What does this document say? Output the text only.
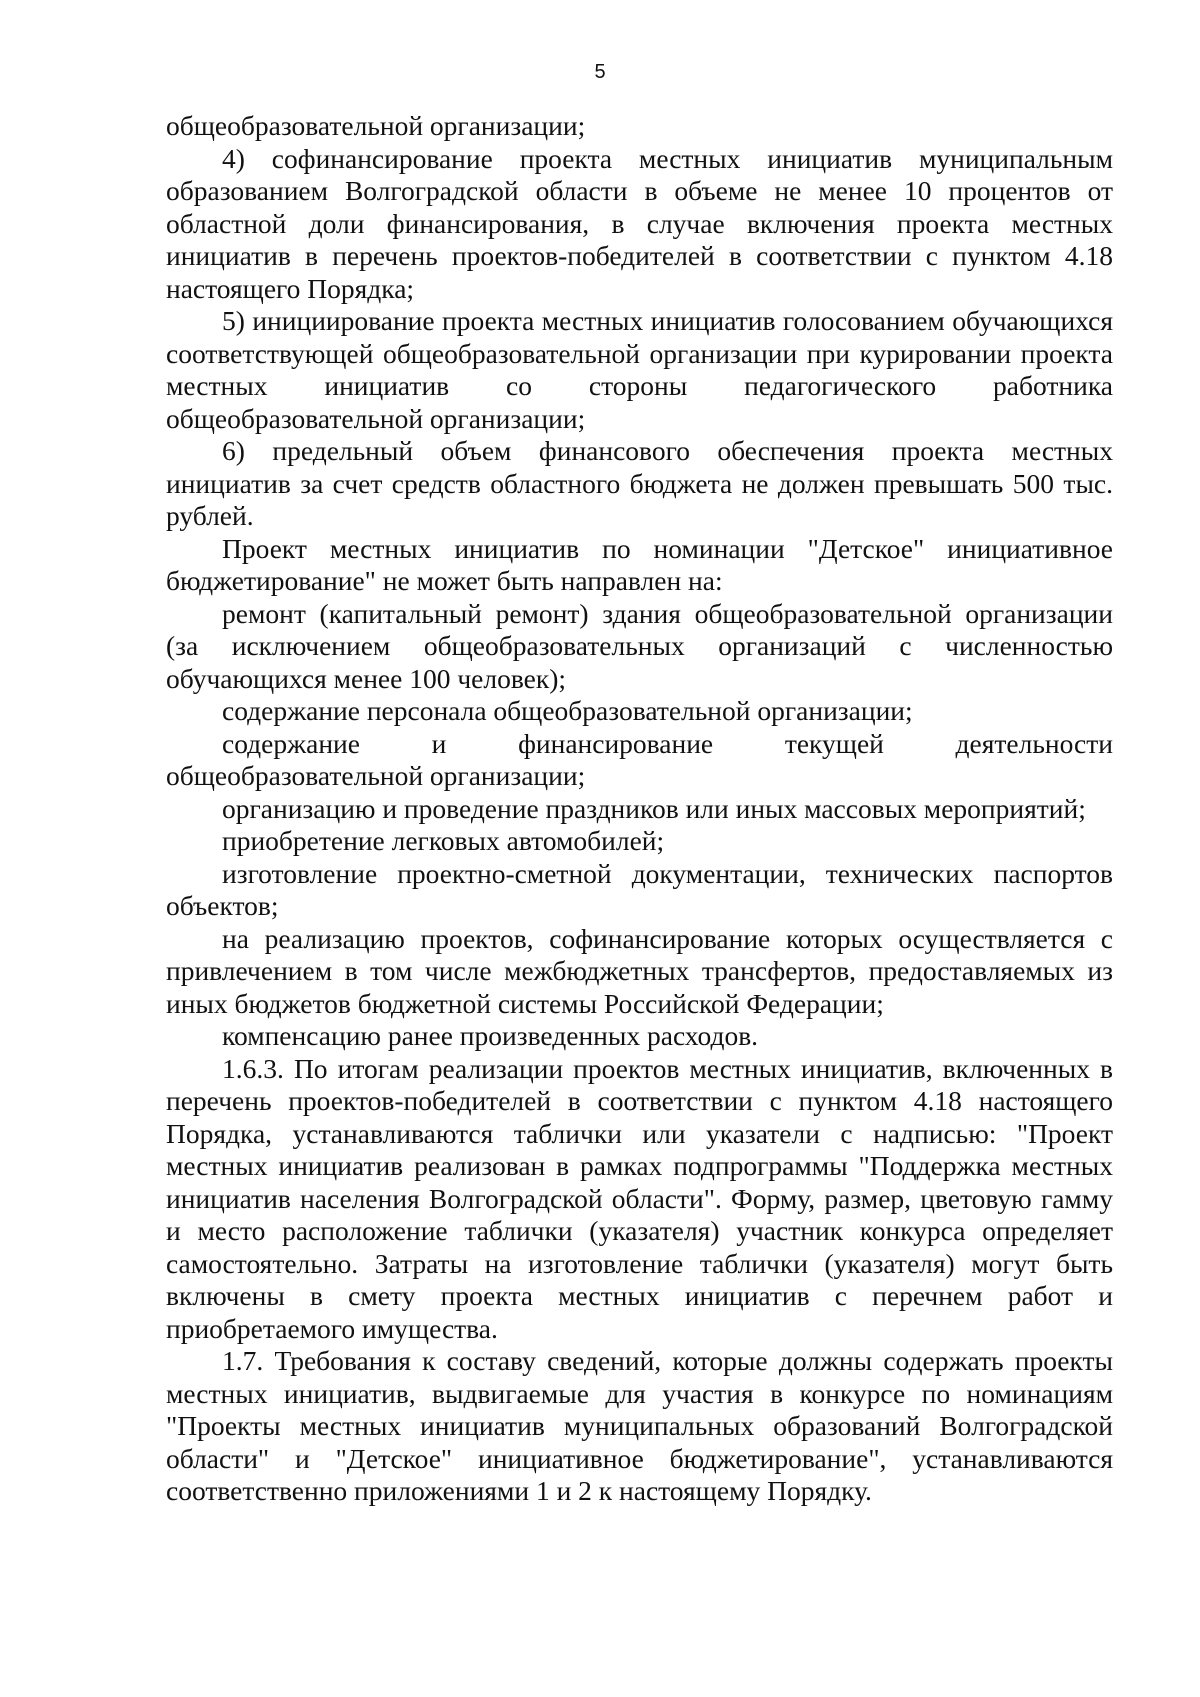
5

общеобразовательной организации;

4) софинансирование проекта местных инициатив муниципальным образованием Волгоградской области в объеме не менее 10 процентов от областной доли финансирования, в случае включения проекта местных инициатив в перечень проектов-победителей в соответствии с пунктом 4.18 настоящего Порядка;

5) инициирование проекта местных инициатив голосованием обучающихся соответствующей общеобразовательной организации при курировании проекта местных инициатив со стороны педагогического работника общеобразовательной организации;

6) предельный объем финансового обеспечения проекта местных инициатив за счет средств областного бюджета не должен превышать 500 тыс. рублей.

Проект местных инициатив по номинации "Детское" инициативное бюджетирование" не может быть направлен на:

ремонт (капитальный ремонт) здания общеобразовательной организации (за исключением общеобразовательных организаций с численностью обучающихся менее 100 человек);

содержание персонала общеобразовательной организации;

содержание и финансирование текущей деятельности общеобразовательной организации;

организацию и проведение праздников или иных массовых мероприятий;

приобретение легковых автомобилей;

изготовление проектно-сметной документации, технических паспортов объектов;

на реализацию проектов, софинансирование которых осуществляется с привлечением в том числе межбюджетных трансфертов, предоставляемых из иных бюджетов бюджетной системы Российской Федерации;

компенсацию ранее произведенных расходов.

1.6.3. По итогам реализации проектов местных инициатив, включенных в перечень проектов-победителей в соответствии с пунктом 4.18 настоящего Порядка, устанавливаются таблички или указатели с надписью: "Проект местных инициатив реализован в рамках подпрограммы "Поддержка местных инициатив населения Волгоградской области". Форму, размер, цветовую гамму и место расположение таблички (указателя) участник конкурса определяет самостоятельно. Затраты на изготовление таблички (указателя) могут быть включены в смету проекта местных инициатив с перечнем работ и приобретаемого имущества.

1.7. Требования к составу сведений, которые должны содержать проекты местных инициатив, выдвигаемые для участия в конкурсе по номинациям "Проекты местных инициатив муниципальных образований Волгоградской области" и "Детское" инициативное бюджетирование", устанавливаются соответственно приложениями 1 и 2 к настоящему Порядку.
